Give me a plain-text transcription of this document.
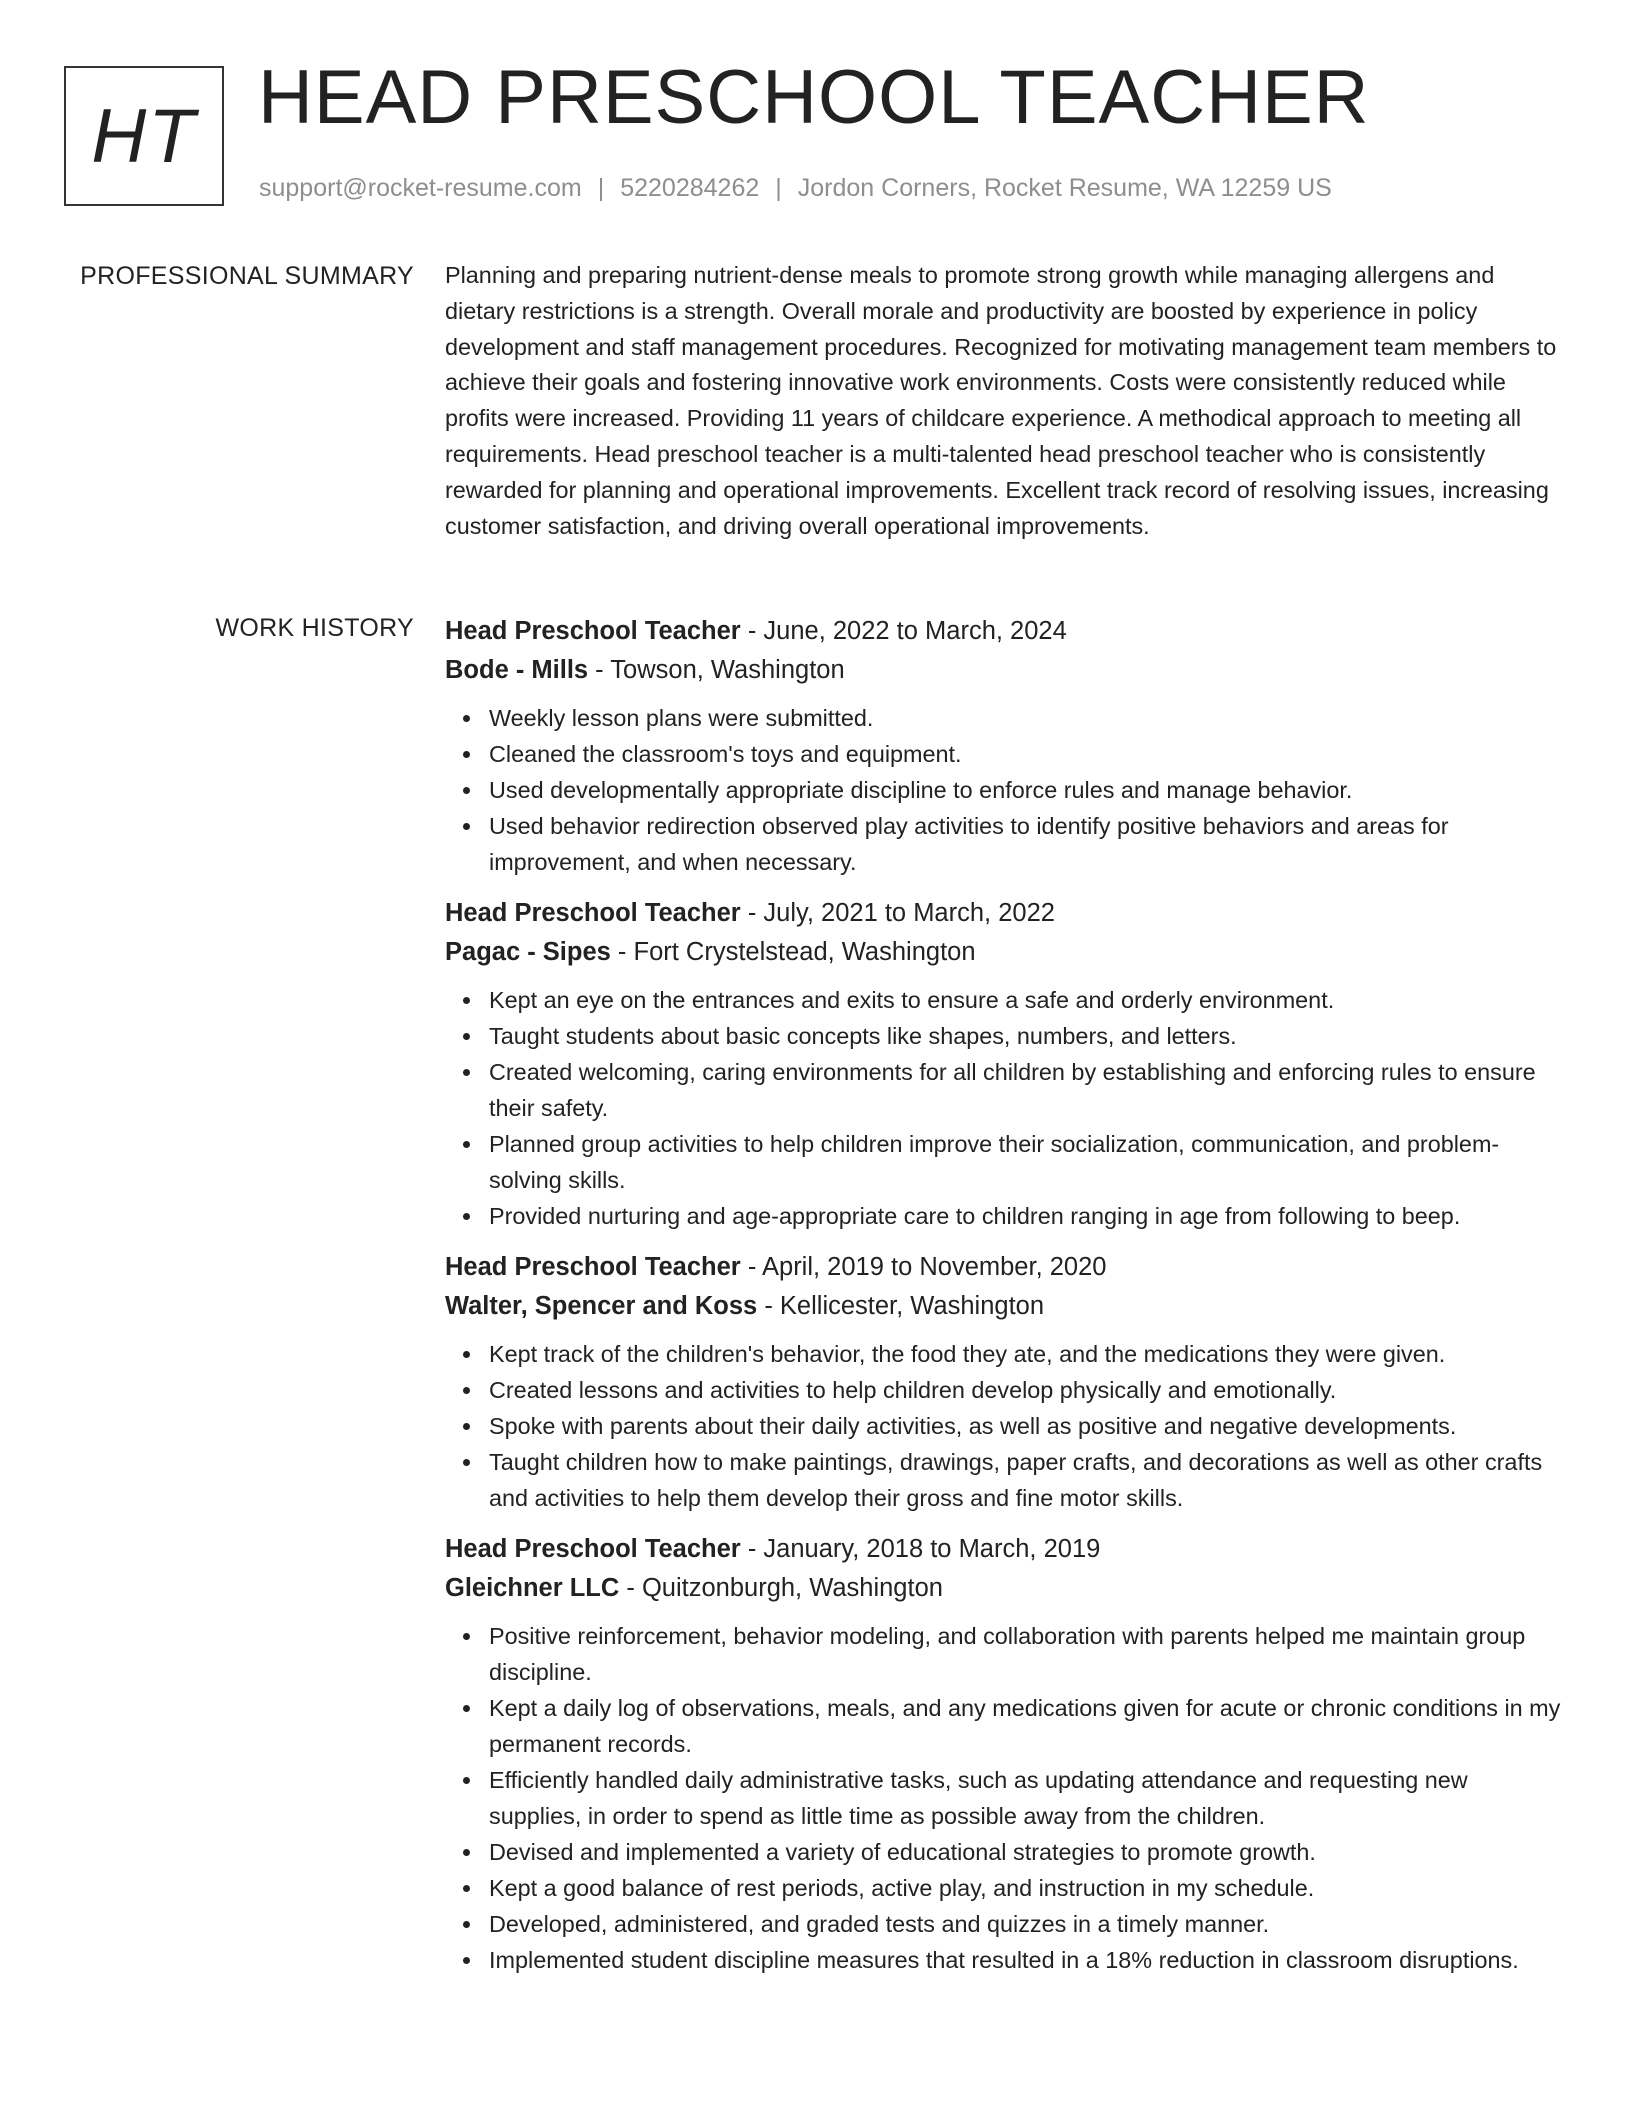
HT HEAD PRESCHOOL TEACHER
support@rocket-resume.com | 5220284262 | Jordon Corners, Rocket Resume, WA 12259 US
PROFESSIONAL SUMMARY Planning and preparing nutrient-dense meals to promote strong growth while managing allergens and dietary restrictions is a strength. Overall morale and productivity are boosted by experience in policy development and staff management procedures. Recognized for motivating management team members to achieve their goals and fostering innovative work environments. Costs were consistently reduced while profits were increased. Providing 11 years of childcare experience. A methodical approach to meeting all requirements. Head preschool teacher is a multi-talented head preschool teacher who is consistently rewarded for planning and operational improvements. Excellent track record of resolving issues, increasing customer satisfaction, and driving overall operational improvements.
WORK HISTORY Head Preschool Teacher - June, 2022 to March, 2024
Bode - Mills - Towson, Washington
Weekly lesson plans were submitted.
Cleaned the classroom's toys and equipment.
Used developmentally appropriate discipline to enforce rules and manage behavior.
Used behavior redirection observed play activities to identify positive behaviors and areas for improvement, and when necessary.
Head Preschool Teacher - July, 2021 to March, 2022
Pagac - Sipes - Fort Crystelstead, Washington
Kept an eye on the entrances and exits to ensure a safe and orderly environment.
Taught students about basic concepts like shapes, numbers, and letters.
Created welcoming, caring environments for all children by establishing and enforcing rules to ensure their safety.
Planned group activities to help children improve their socialization, communication, and problem-solving skills.
Provided nurturing and age-appropriate care to children ranging in age from following to beep.
Head Preschool Teacher - April, 2019 to November, 2020
Walter, Spencer and Koss - Kellicester, Washington
Kept track of the children's behavior, the food they ate, and the medications they were given.
Created lessons and activities to help children develop physically and emotionally.
Spoke with parents about their daily activities, as well as positive and negative developments.
Taught children how to make paintings, drawings, paper crafts, and decorations as well as other crafts and activities to help them develop their gross and fine motor skills.
Head Preschool Teacher - January, 2018 to March, 2019
Gleichner LLC - Quitzonburgh, Washington
Positive reinforcement, behavior modeling, and collaboration with parents helped me maintain group discipline.
Kept a daily log of observations, meals, and any medications given for acute or chronic conditions in my permanent records.
Efficiently handled daily administrative tasks, such as updating attendance and requesting new supplies, in order to spend as little time as possible away from the children.
Devised and implemented a variety of educational strategies to promote growth.
Kept a good balance of rest periods, active play, and instruction in my schedule.
Developed, administered, and graded tests and quizzes in a timely manner.
Implemented student discipline measures that resulted in a 18% reduction in classroom disruptions.
